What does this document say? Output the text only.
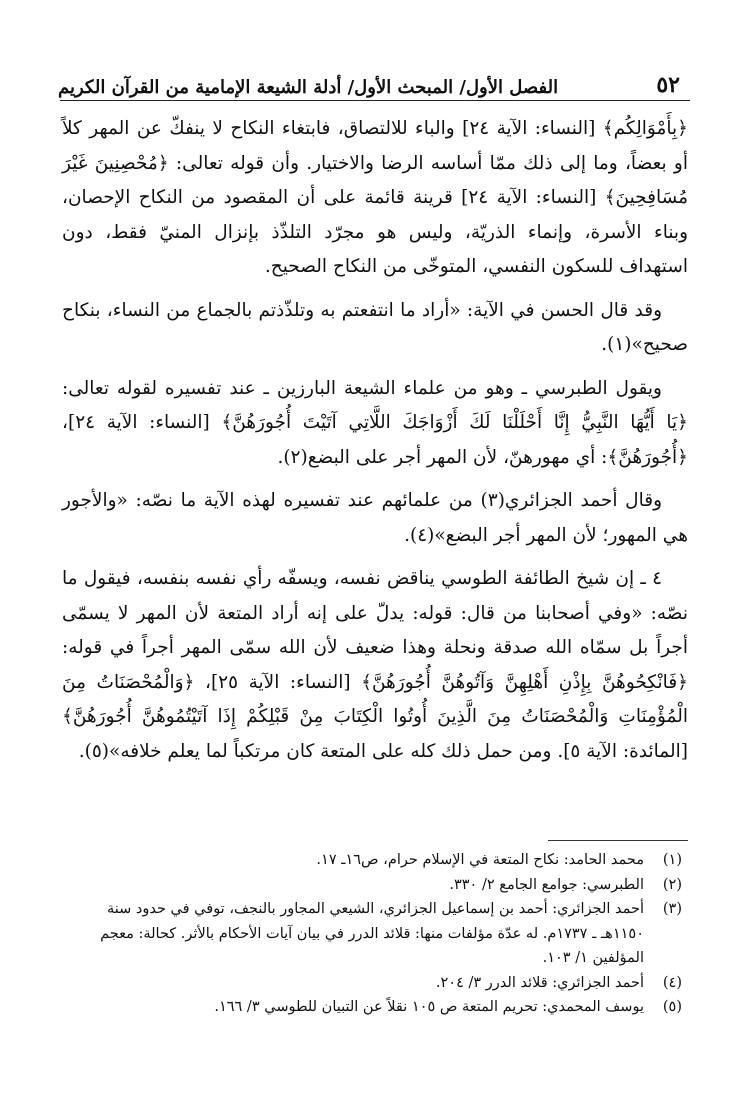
٥٢
الفصل الأول/ المبحث الأول/ أدلة الشيعة الإمامية من القرآن الكريم

﴿بِأَمْوَالِكُم﴾ [النساء: الآية ٢٤] والباء للالتصاق، فابتغاء النكاح لا ينفكّ عن المهر كلاً أو بعضاً، وما إلى ذلك ممّا أساسه الرضا والاختيار. وأن قوله تعالى: ﴿مُحْصِنِينَ غَيْرَ مُسَافِحِينَ﴾ [النساء: الآية ٢٤] قرينة قائمة على أن المقصود من النكاح الإحصان، وبناء الأسرة، وإنماء الذريّة، وليس هو مجرّد التلذّذ بإنزال المنيّ فقط، دون استهداف للسكون النفسي، المتوخّى من النكاح الصحيح.

وقد قال الحسن في الآية: «أراد ما انتفعتم به وتلذّذتم بالجماع من النساء، بنكاح صحيح»(١).

ويقول الطبرسي ـ وهو من علماء الشيعة البارزين ـ عند تفسيره لقوله تعالى: ﴿يَا أَيُّهَا النَّبِيُّ إِنَّا أَحْلَلْنَا لَكَ أَزْوَاجَكَ اللَّاتِي آتَيْتَ أُجُورَهُنَّ﴾ [النساء: الآية ٢٤]، ﴿أُجُورَهُنَّ﴾: أي مهورهنّ، لأن المهر أجر على البضع(٢).

وقال أحمد الجزائري(٣) من علمائهم عند تفسيره لهذه الآية ما نصّه: «والأجور هي المهور؛ لأن المهر أجر البضع»(٤).

٤ ـ إن شيخ الطائفة الطوسي يناقض نفسه، ويسفّه رأي نفسه بنفسه، فيقول ما نصّه: «وفي أصحابنا من قال: قوله: يدلّ على إنه أراد المتعة لأن المهر لا يسمّى أجراً بل سمّاه الله صدقة ونحلة وهذا ضعيف لأن الله سمّى المهر أجراً في قوله: ﴿فَانْكِحُوهُنَّ بِإِذْنِ أَهْلِهِنَّ وَآتُوهُنَّ أُجُورَهُنَّ﴾ [النساء: الآية ٢٥]، ﴿وَالْمُحْصَنَاتُ مِنَ الْمُؤْمِنَاتِ وَالْمُحْصَنَاتُ مِنَ الَّذِينَ أُوتُوا الْكِتَابَ مِنْ قَبْلِكُمْ إِذَا آتَيْتُمُوهُنَّ أُجُورَهُنَّ﴾ [المائدة: الآية ٥]. ومن حمل ذلك كله على المتعة كان مرتكباً لما يعلم خلافه»(٥).

(١)
محمد الحامد: نكاح المتعة في الإسلام حرام، ص١٦ـ ١٧.
(٢)
الطبرسي: جوامع الجامع ٢/ ٣٣٠.
(٣)
أحمد الجزائري: أحمد بن إسماعيل الجزائري، الشيعي المجاور بالنجف، توفي في حدود سنة ١١٥٠هـ ـ ١٧٣٧م. له عدّة مؤلفات منها: قلائد الدرر في بيان آيات الأحكام بالأثر. كحالة: معجم المؤلفين ١/ ١٠٣.
(٤)
أحمد الجزائري: قلائد الدرر ٣/ ٢٠٤.
(٥)
يوسف المحمدي: تحريم المتعة ص ١٠٥ نقلاً عن التبيان للطوسي ٣/ ١٦٦.
